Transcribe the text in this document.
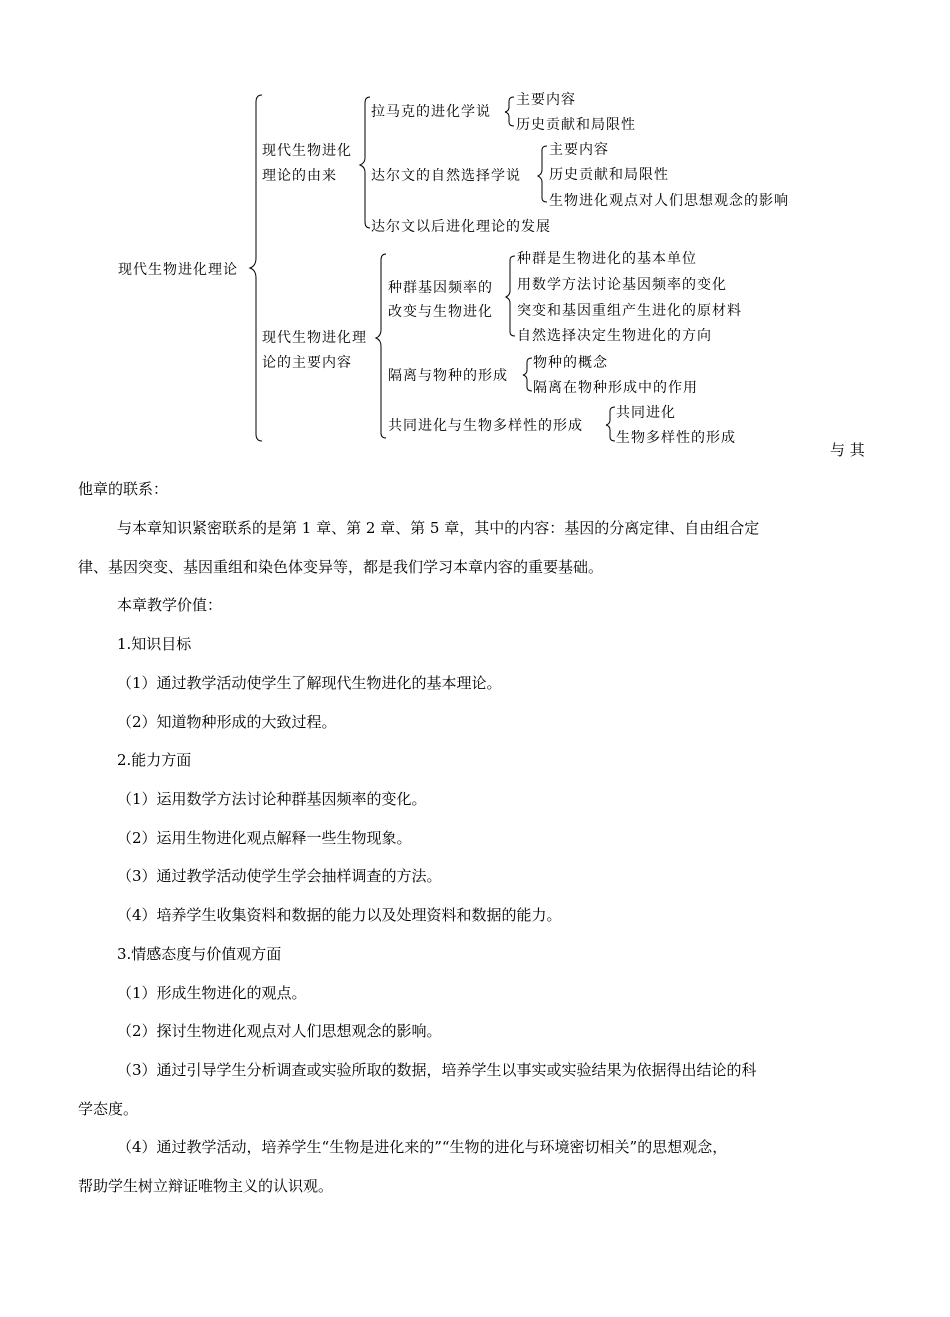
现代生物进化理论
现代生物进化
理论的由来
拉马克的进化学说
主要内容
历史贡献和局限性
达尔文的自然选择学说
主要内容
历史贡献和局限性
生物进化观点对人们思想观念的影响
达尔文以后进化理论的发展
现代生物进化理
论的主要内容
种群基因频率的
改变与生物进化
种群是生物进化的基本单位
用数学方法讨论基因频率的变化
突变和基因重组产生进化的原材料
自然选择决定生物进化的方向
隔离与物种的形成
物种的概念
隔离在物种形成中的作用
共同进化与生物多样性的形成
共同进化
生物多样性的形成
与 其
他章的联系：
与本章知识紧密联系的是第 1 章、第 2 章、第 5 章，其中的内容：基因的分离定律、自由组合定
律、基因突变、基因重组和染色体变异等，都是我们学习本章内容的重要基础。
本章教学价值：
1.知识目标
（1）通过教学活动使学生了解现代生物进化的基本理论。
（2）知道物种形成的大致过程。
2.能力方面
（1）运用数学方法讨论种群基因频率的变化。
（2）运用生物进化观点解释一些生物现象。
（3）通过教学活动使学生学会抽样调查的方法。
（4）培养学生收集资料和数据的能力以及处理资料和数据的能力。
3.情感态度与价值观方面
（1）形成生物进化的观点。
（2）探讨生物进化观点对人们思想观念的影响。
（3）通过引导学生分析调查或实验所取的数据，培养学生以事实或实验结果为依据得出结论的科
学态度。
（4）通过教学活动，培养学生“生物是进化来的”“生物的进化与环境密切相关”的思想观念，
帮助学生树立辩证唯物主义的认识观。
